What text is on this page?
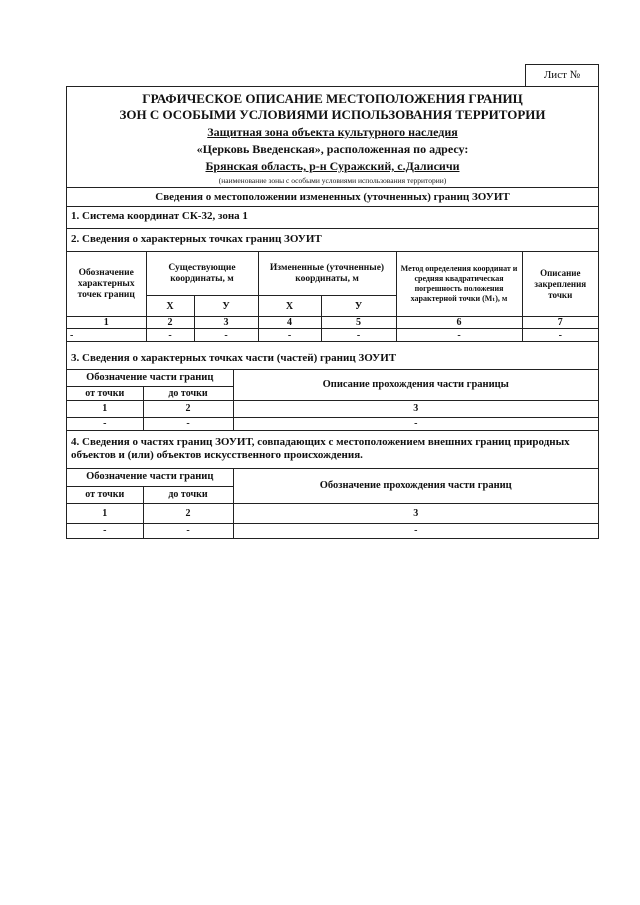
Лист №
ГРАФИЧЕСКОЕ ОПИСАНИЕ МЕСТОПОЛОЖЕНИЯ ГРАНИЦ
ЗОН С ОСОБЫМИ УСЛОВИЯМИ ИСПОЛЬЗОВАНИЯ ТЕРРИТОРИИ
Защитная зона объекта культурного наследия
«Церковь Введенская», расположенная по адресу:
Брянская область, р-н Суражский, с.Далисичи
(наименование зоны с особыми условиями использования территории)
Сведения о местоположении измененных (уточненных) границ ЗОУИТ
1. Система координат СК-32, зона 1
2. Сведения о характерных точках границ ЗОУИТ
Обозначение характерных точек границ	Существующие координаты, м		Измененные (уточненные) координаты, м		Метод определения координат и средняя квадратическая погрешность положения характерной точки (Мₜ), м	Описание закрепления точки
	X	У	X	У		
1	2	3	4	5	6	7
-	-	-	-	-	-	-
3. Сведения о характерных точках части (частей) границ ЗОУИТ
Обозначение части границ		Описание прохождения части границы
от точки	до точки	
1	2	3
-	-	-
4. Сведения о частях границ ЗОУИТ, совпадающих с местоположением внешних границ природных объектов и (или) объектов искусственного происхождения.
Обозначение части границ		Обозначение прохождения части границ
от точки	до точки	
1	2	3
-	-	-
